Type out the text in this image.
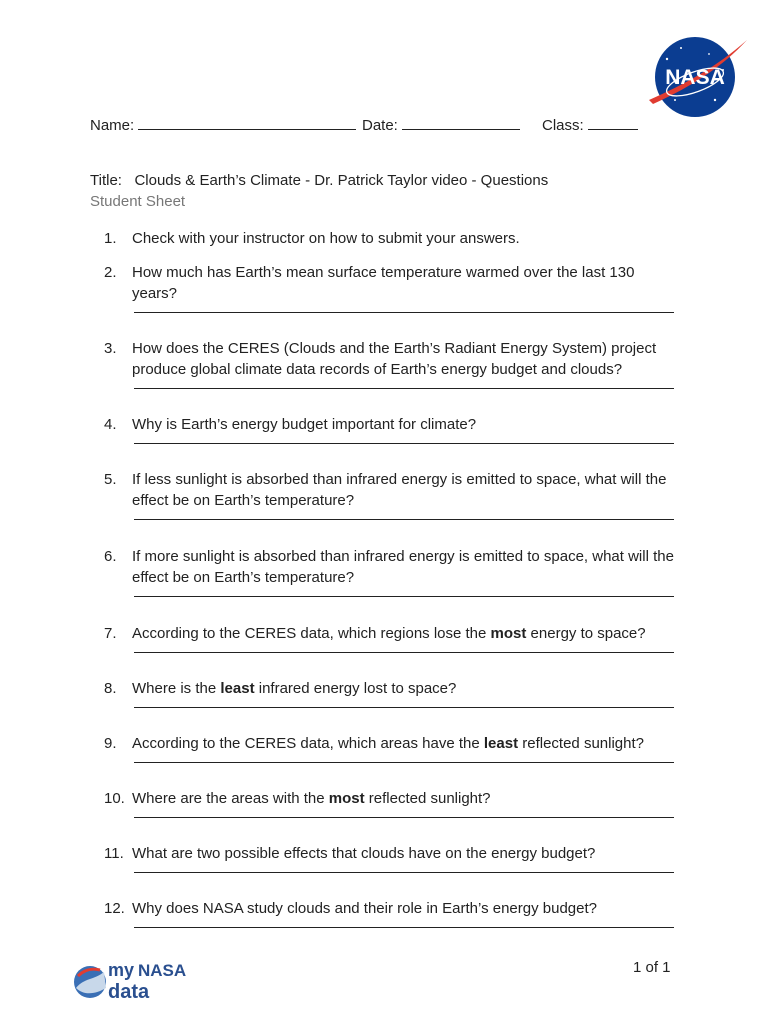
NASA
Name:	Date:	Class:
Title:   Clouds & Earth’s Climate - Dr. Patrick Taylor video - Questions
Student Sheet
1.	Check with your instructor on how to submit your answers.
2.	How much has Earth’s mean surface temperature warmed over the last 130 years?
3.	How does the CERES (Clouds and the Earth’s Radiant Energy System) project produce global climate data records of Earth’s energy budget and clouds?
4.	Why is Earth’s energy budget important for climate?
5.	If less sunlight is absorbed than infrared energy is emitted to space, what will the effect be on Earth’s temperature?
6.	If more sunlight is absorbed than infrared energy is emitted to space, what will the effect be on Earth’s temperature?
7.	According to the CERES data, which regions lose the most energy to space?
8.	Where is the least infrared energy lost to space?
9.	According to the CERES data, which areas have the least reflected sunlight?
10. Where are the areas with the most reflected sunlight?
11. What are two possible effects that clouds have on the energy budget?
12. Why does NASA study clouds and their role in Earth’s energy budget?
my NASA
data
1 of 1
